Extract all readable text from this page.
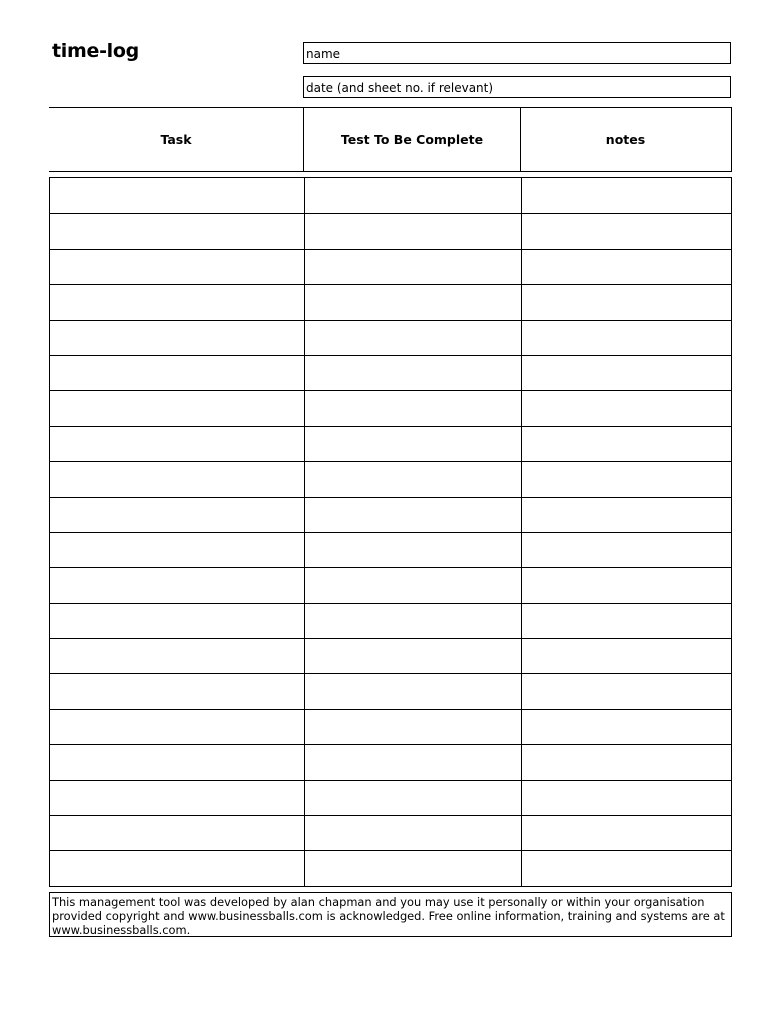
time-log	name
date (and sheet no. if relevant)
Task	Test To Be Complete	notes
This management tool was developed by alan chapman and you may use it personally or within your organisation provided copyright and www.businessballs.com is acknowledged. Free online information, training and systems are at www.businessballs.com.
